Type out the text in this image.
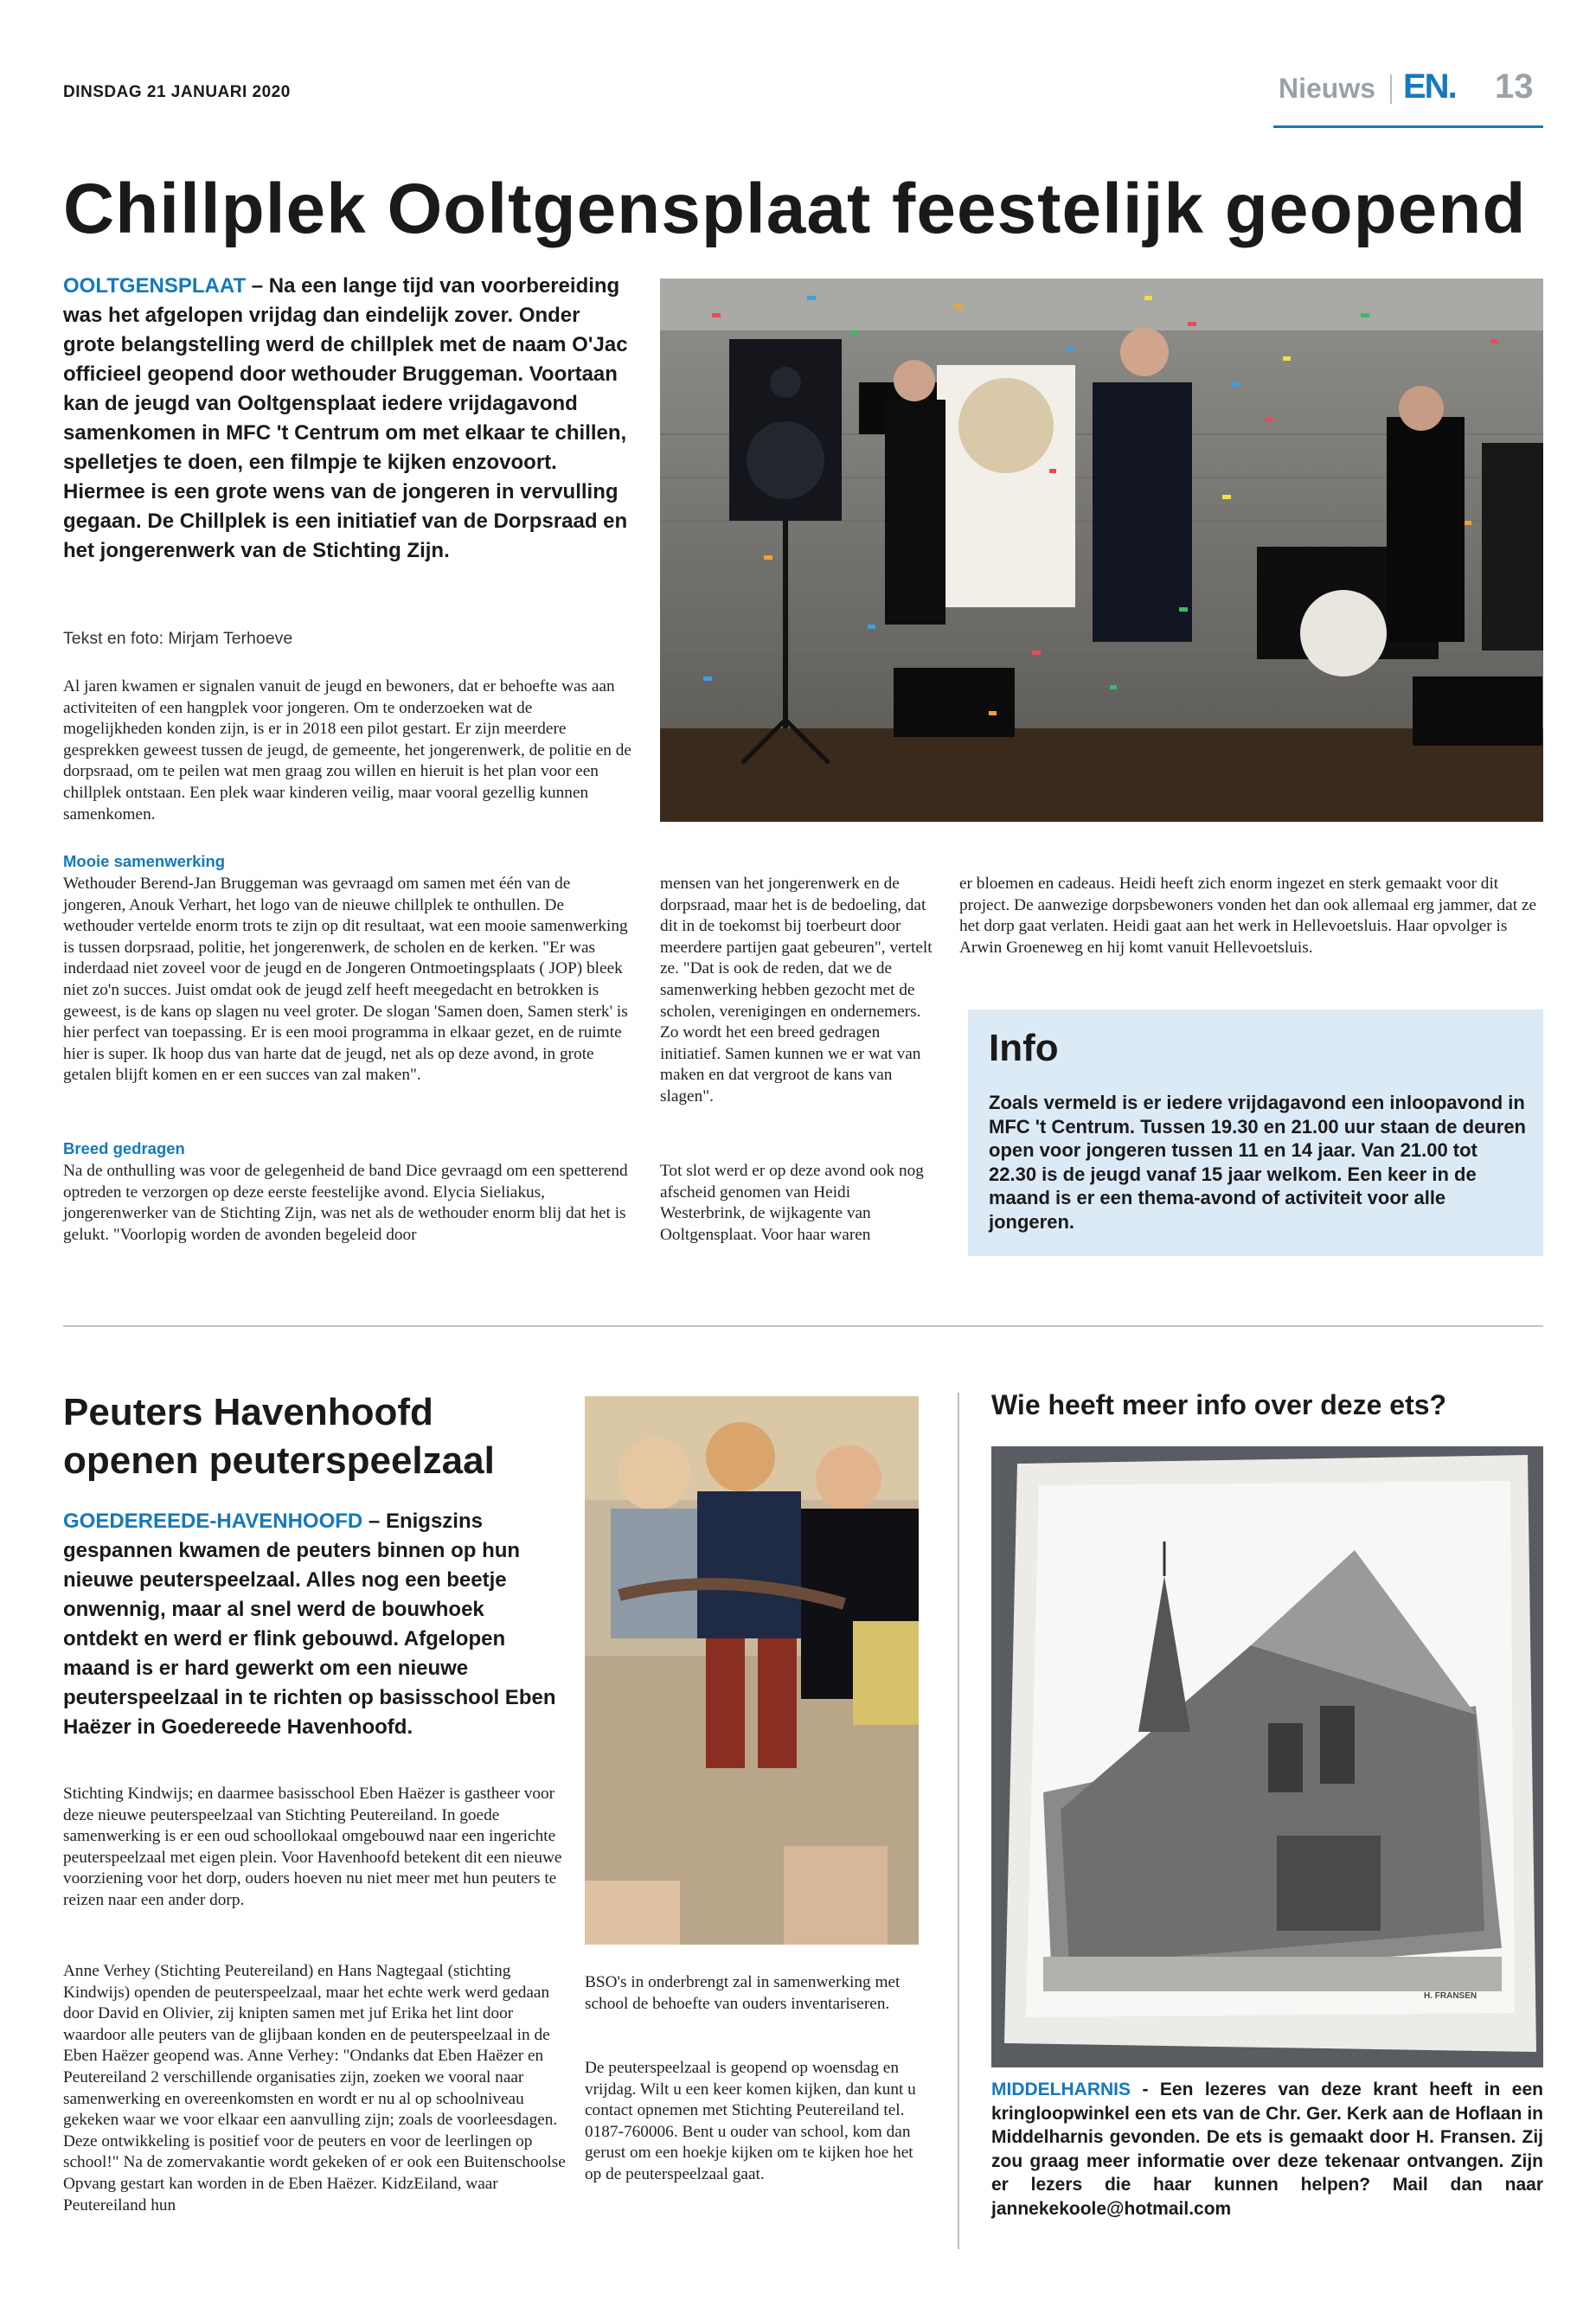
DINSDAG 21 JANUARI 2020	Nieuws EN. 13
Chillplek Ooltgensplaat feestelijk geopend

OOLTGENSPLAAT – Na een lange tijd van voorbereiding was het afgelopen vrijdag dan eindelijk zover. Onder grote belangstelling werd de chillplek met de naam O'Jac officieel geopend door wethouder Bruggeman. Voortaan kan de jeugd van Ooltgensplaat iedere vrijdagavond samenkomen in MFC 't Centrum om met elkaar te chillen, spelletjes te doen, een filmpje te kijken enzovoort. Hiermee is een grote wens van de jongeren in vervulling gegaan. De Chillplek is een initiatief van de Dorpsraad en het jongerenwerk van de Stichting Zijn.

Tekst en foto: Mirjam Terhoeve

Al jaren kwamen er signalen vanuit de jeugd en bewoners, dat er behoefte was aan activiteiten of een hangplek voor jongeren. Om te onderzoeken wat de mogelijkheden konden zijn, is er in 2018 een pilot gestart. Er zijn meerdere gesprekken geweest tussen de jeugd, de gemeente, het jongerenwerk, de politie en de dorpsraad, om te peilen wat men graag zou willen en hieruit is het plan voor een chillplek ontstaan. Een plek waar kinderen veilig, maar vooral gezellig kunnen samenkomen.

Mooie samenwerking

Wethouder Berend-Jan Bruggeman was gevraagd om samen met één van de jongeren, Anouk Verhart, het logo van de nieuwe chillplek te onthullen. De wethouder vertelde enorm trots te zijn op dit resultaat, wat een mooie samenwerking is tussen dorpsraad, politie, het jongerenwerk, de scholen en de kerken. "Er was inderdaad niet zoveel voor de jeugd en de Jongeren Ontmoetingsplaats ( JOP) bleek niet zo'n succes. Juist omdat ook de jeugd zelf heeft meegedacht en betrokken is geweest, is de kans op slagen nu veel groter. De slogan 'Samen doen, Samen sterk' is hier perfect van toepassing. Er is een mooi programma in elkaar gezet, en de ruimte hier is super. Ik hoop dus van harte dat de jeugd, net als op deze avond, in grote getalen blijft komen en er een succes van zal maken".

Breed gedragen

Na de onthulling was voor de gelegenheid de band Dice gevraagd om een spetterend optreden te verzorgen op deze eerste feestelijke avond. Elycia Sieliakus, jongerenwerker van de Stichting Zijn, was net als de wethouder enorm blij dat het is gelukt. "Voorlopig worden de avonden begeleid door

mensen van het jongerenwerk en de dorpsraad, maar het is de bedoeling, dat dit in de toekomst bij toerbeurt door meerdere partijen gaat gebeuren", vertelt ze. "Dat is ook de reden, dat we de samenwerking hebben gezocht met de scholen, verenigingen en ondernemers. Zo wordt het een breed gedragen initiatief. Samen kunnen we er wat van maken en dat vergroot de kans van slagen".

Tot slot werd er op deze avond ook nog afscheid genomen van Heidi Westerbrink, de wijkagente van Ooltgensplaat. Voor haar waren

er bloemen en cadeaus. Heidi heeft zich enorm ingezet en sterk gemaakt voor dit project. De aanwezige dorpsbewoners vonden het dan ook allemaal erg jammer, dat ze het dorp gaat verlaten. Heidi gaat aan het werk in Hellevoetsluis. Haar opvolger is Arwin Groeneweg en hij komt vanuit Hellevoetsluis.

Info

Zoals vermeld is er iedere vrijdagavond een inloopavond in MFC 't Centrum. Tussen 19.30 en 21.00 uur staan de deuren open voor jongeren tussen 11 en 14 jaar. Van 21.00 tot 22.30 is de jeugd vanaf 15 jaar welkom. Een keer in de maand is er een thema-avond of activiteit voor alle jongeren.

Peuters Havenhoofd
openen peuterspeelzaal

GOEDEREEDE-HAVENHOOFD – Enigszins gespannen kwamen de peuters binnen op hun nieuwe peuterspeelzaal. Alles nog een beetje onwennig, maar al snel werd de bouwhoek ontdekt en werd er flink gebouwd. Afgelopen maand is er hard gewerkt om een nieuwe peuterspeelzaal in te richten op basisschool Eben Haëzer in Goedereede Havenhoofd.

Stichting Kindwijs; en daarmee basisschool Eben Haëzer is gastheer voor deze nieuwe peuterspeelzaal van Stichting Peutereiland. In goede samenwerking is er een oud schoollokaal omgebouwd naar een ingerichte peuterspeelzaal met eigen plein. Voor Havenhoofd betekent dit een nieuwe voorziening voor het dorp, ouders hoeven nu niet meer met hun peuters te reizen naar een ander dorp.

Anne Verhey (Stichting Peutereiland) en Hans Nagtegaal (stichting Kindwijs) openden de peuterspeelzaal, maar het echte werk werd gedaan door David en Olivier, zij knipten samen met juf Erika het lint door waardoor alle peuters van de glijbaan konden en de peuterspeelzaal in de Eben Haëzer geopend was. Anne Verhey: "Ondanks dat Eben Haëzer en Peutereiland 2 verschillende organisaties zijn, zoeken we vooral naar samenwerking en overeenkomsten en wordt er nu al op schoolniveau gekeken waar we voor elkaar een aanvulling zijn; zoals de voorleesdagen. Deze ontwikkeling is positief voor de peuters en voor de leerlingen op school!" Na de zomervakantie wordt gekeken of er ook een Buitenschoolse Opvang gestart kan worden in de Eben Haëzer. KidzEiland, waar Peutereiland hun

BSO's in onderbrengt zal in samenwerking met school de behoefte van ouders inventariseren.

De peuterspeelzaal is geopend op woensdag en vrijdag. Wilt u een keer komen kijken, dan kunt u contact opnemen met Stichting Peutereiland tel. 0187-760006. Bent u ouder van school, kom dan gerust om een hoekje kijken om te kijken hoe het op de peuterspeelzaal gaat.

Wie heeft meer info over deze ets?
H. FRANSEN

MIDDELHARNIS - Een lezeres van deze krant heeft in een kringloopwinkel een ets van de Chr. Ger. Kerk aan de Hoflaan in Middelharnis gevonden. De ets is gemaakt door H. Fransen. Zij zou graag meer informatie over deze tekenaar ontvangen. Zijn er lezers die haar kunnen helpen? Mail dan naar jannekekoole@hotmail.com
